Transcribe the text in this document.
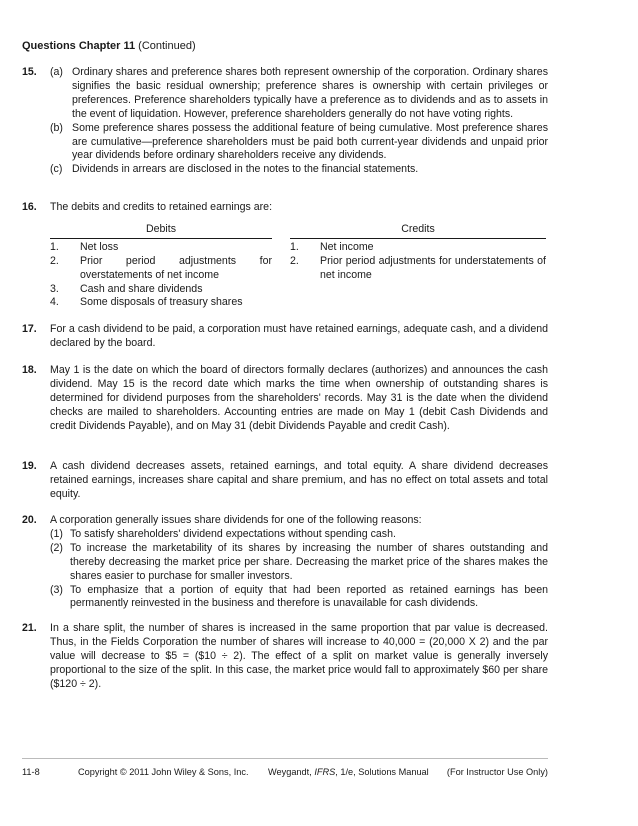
Questions Chapter 11 (Continued)
15. (a) Ordinary shares and preference shares both represent ownership of the corporation. Ordinary shares signifies the basic residual ownership; preference shares is ownership with certain privileges or preferences. Preference shareholders typically have a preference as to dividends and as to assets in the event of liquidation. However, preference shareholders generally do not have voting rights.
(b) Some preference shares possess the additional feature of being cumulative. Most preference shares are cumulative—preference shareholders must be paid both current-year dividends and unpaid prior year dividends before ordinary shareholders receive any dividends.
(c) Dividends in arrears are disclosed in the notes to the financial statements.
16. The debits and credits to retained earnings are:
Debits
1. Net loss
2. Prior period adjustments for overstatements of net income
3. Cash and share dividends
4. Some disposals of treasury shares
Credits
1. Net income
2. Prior period adjustments for understatements of net income
17. For a cash dividend to be paid, a corporation must have retained earnings, adequate cash, and a dividend declared by the board.
18. May 1 is the date on which the board of directors formally declares (authorizes) and announces the cash dividend. May 15 is the record date which marks the time when ownership of outstanding shares is determined for dividend purposes from the shareholders' records. May 31 is the date when the dividend checks are mailed to shareholders. Accounting entries are made on May 1 (debit Cash Dividends and credit Dividends Payable), and on May 31 (debit Dividends Payable and credit Cash).
19. A cash dividend decreases assets, retained earnings, and total equity. A share dividend decreases retained earnings, increases share capital and share premium, and has no effect on total assets and total equity.
20. A corporation generally issues share dividends for one of the following reasons:
(1) To satisfy shareholders' dividend expectations without spending cash.
(2) To increase the marketability of its shares by increasing the number of shares outstanding and thereby decreasing the market price per share. Decreasing the market price of the shares makes the shares easier to purchase for smaller investors.
(3) To emphasize that a portion of equity that had been reported as retained earnings has been permanently reinvested in the business and therefore is unavailable for cash dividends.
21. In a share split, the number of shares is increased in the same proportion that par value is decreased. Thus, in the Fields Corporation the number of shares will increase to 40,000 = (20,000 X 2) and the par value will decrease to $5 = ($10 ÷ 2). The effect of a split on market value is generally inversely proportional to the size of the split. In this case, the market price would fall to approximately $60 per share ($120 ÷ 2).
11-8	Copyright © 2011 John Wiley & Sons, Inc. Weygandt, IFRS, 1/e, Solutions Manual (For Instructor Use Only)
